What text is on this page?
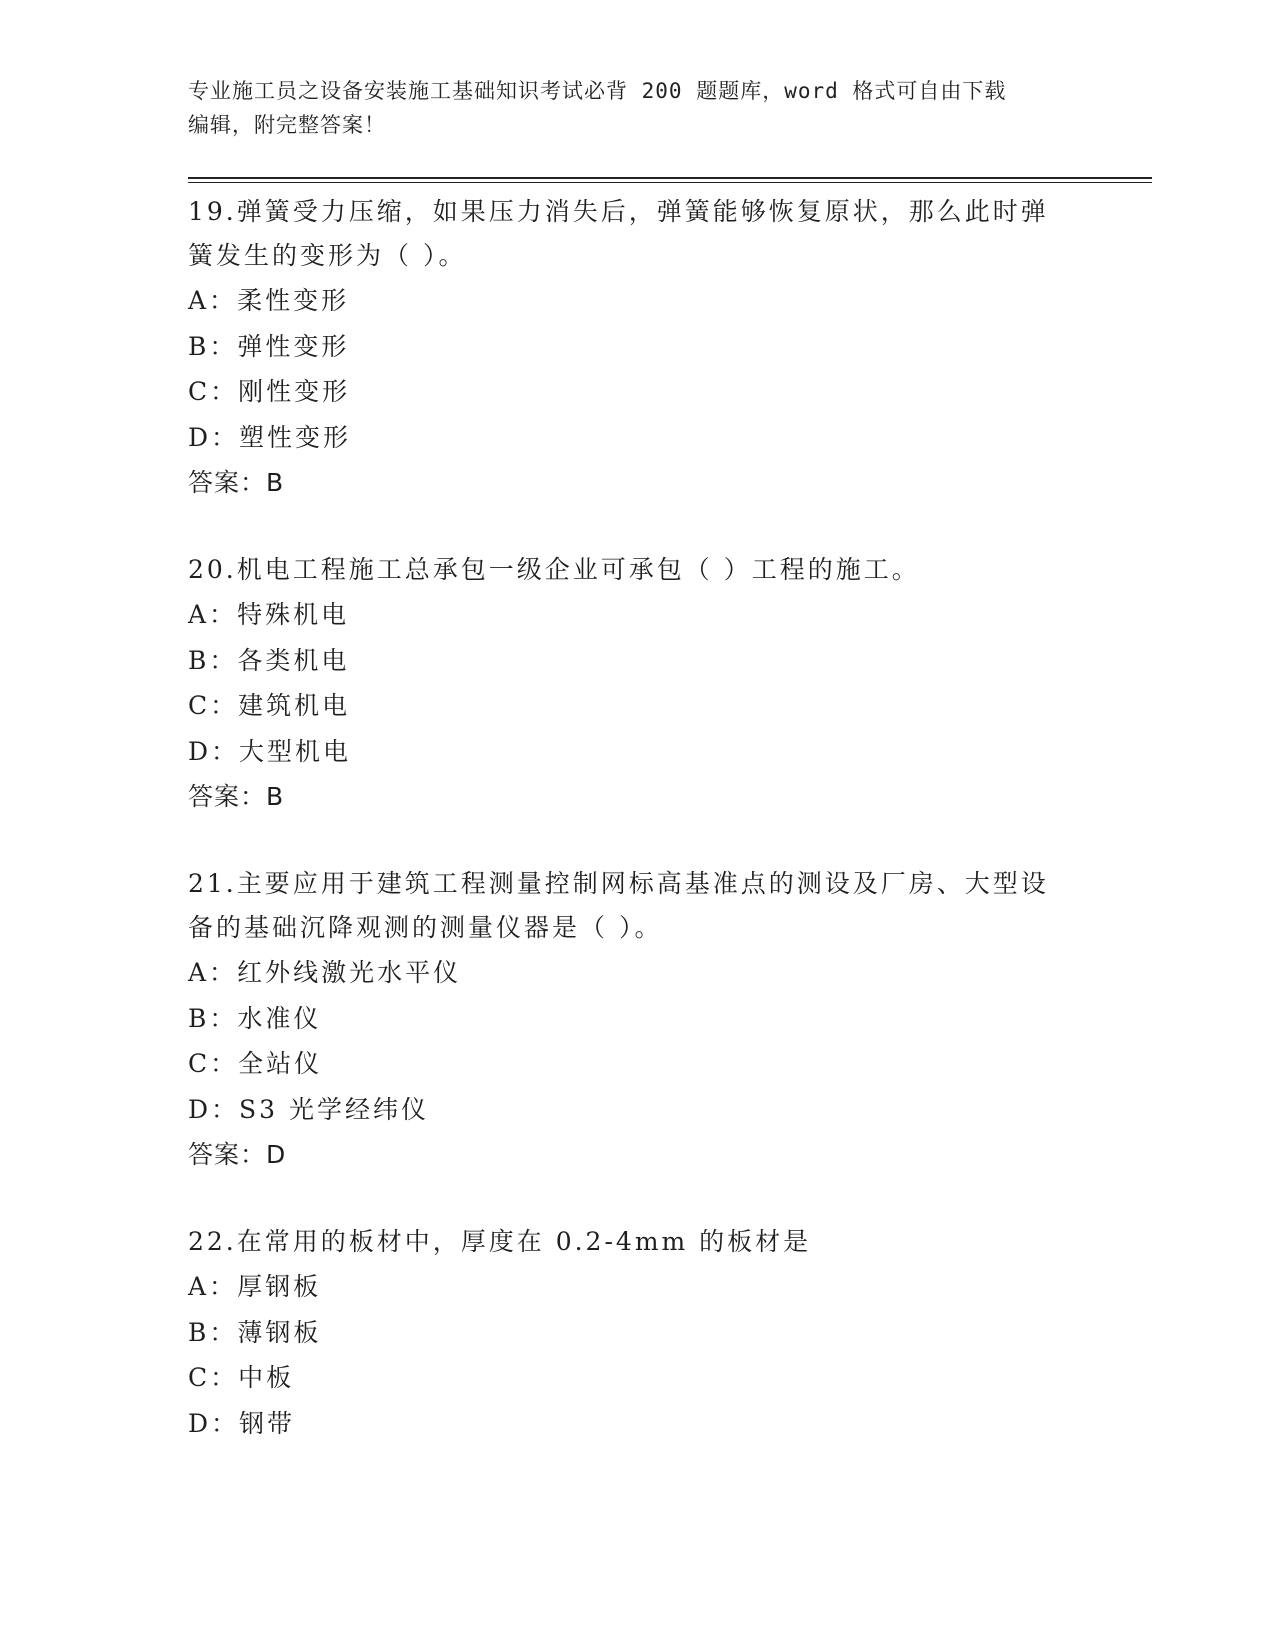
专业施工员之设备安装施工基础知识考试必背 200 题题库，word 格式可自由下载
编辑，附完整答案！
19.弹簧受力压缩，如果压力消失后，弹簧能够恢复原状，那么此时弹
簧发生的变形为（ ）。
A：柔性变形
B：弹性变形
C：刚性变形
D：塑性变形
答案：B
20.机电工程施工总承包一级企业可承包（ ）工程的施工。
A：特殊机电
B：各类机电
C：建筑机电
D：大型机电
答案：B
21.主要应用于建筑工程测量控制网标高基准点的测设及厂房、大型设
备的基础沉降观测的测量仪器是（ ）。
A：红外线激光水平仪
B：水准仪
C：全站仪
D：S3 光学经纬仪
答案：D
22.在常用的板材中，厚度在 0.2-4mm 的板材是
A：厚钢板
B：薄钢板
C：中板
D：钢带
